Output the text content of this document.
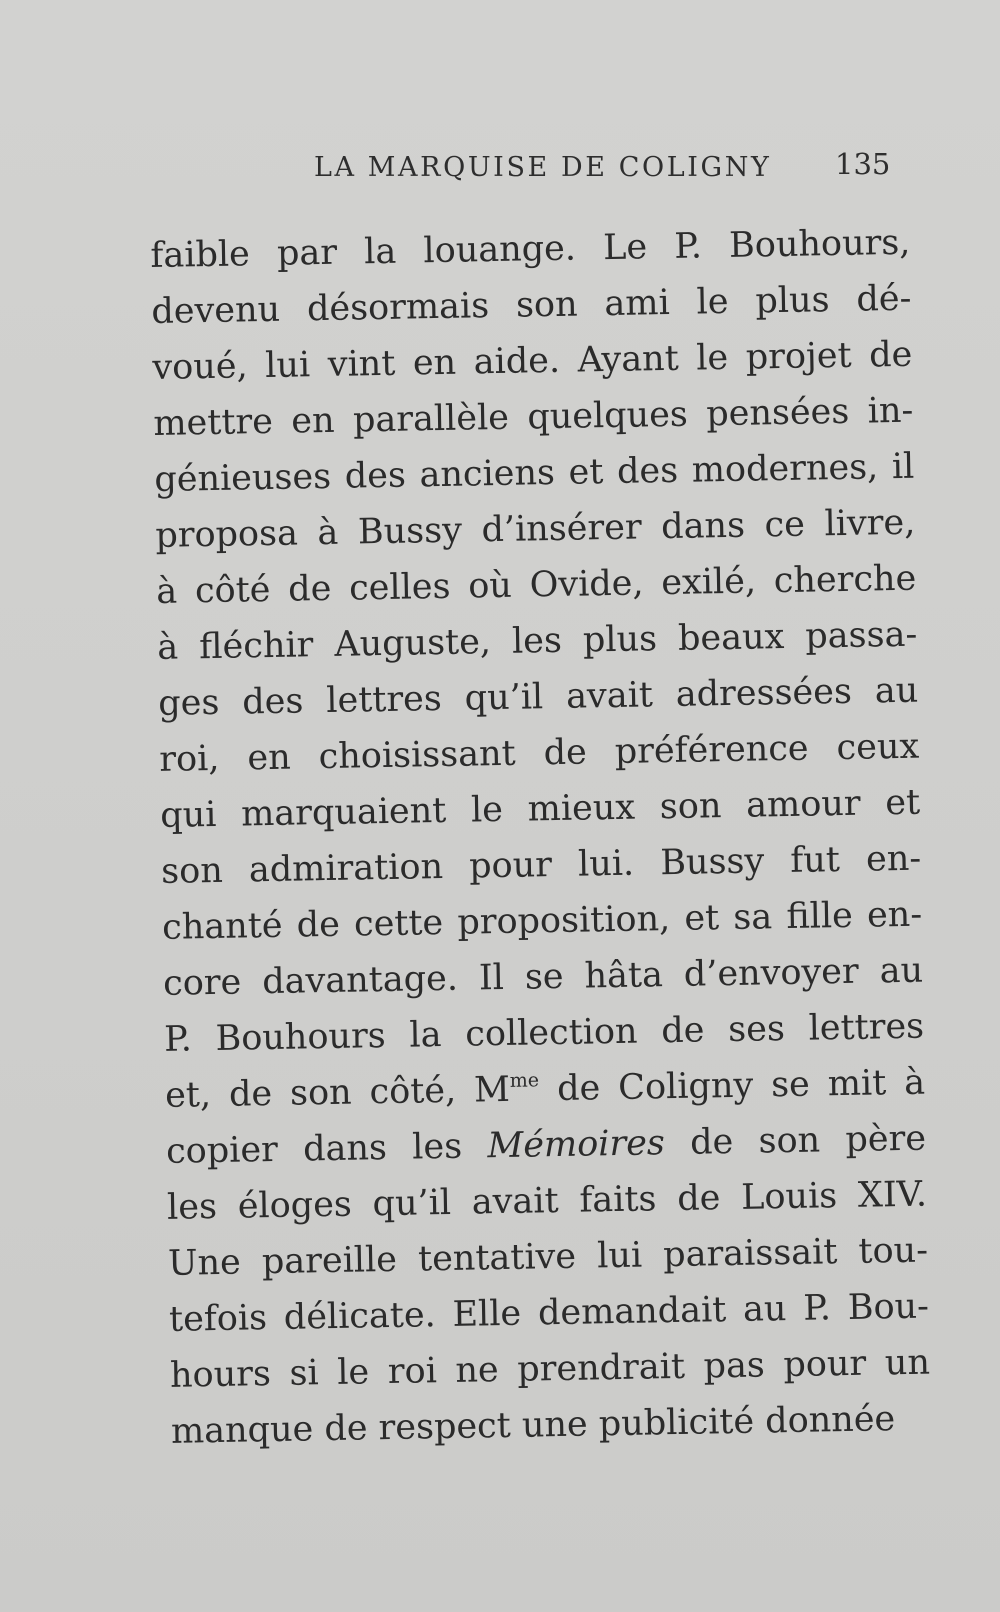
LA MARQUISE DE COLIGNY 135
faible par la louange. Le P. Bouhours,
devenu désormais son ami le plus dé-
voué, lui vint en aide. Ayant le projet de
mettre en parallèle quelques pensées in-
génieuses des anciens et des modernes, il
proposa à Bussy d’insérer dans ce livre,
à côté de celles où Ovide, exilé, cherche
à fléchir Auguste, les plus beaux passa-
ges des lettres qu’il avait adressées au
roi, en choisissant de préférence ceux
qui marquaient le mieux son amour et
son admiration pour lui. Bussy fut en-
chanté de cette proposition, et sa fille en-
core davantage. Il se hâta d’envoyer au
P. Bouhours la collection de ses lettres
et, de son côté, $M^{me}$ de Coligny se mit à
copier dans les Mémoires de son père
les éloges qu’il avait faits de Louis XIV.
Une pareille tentative lui paraissait tou-
tefois délicate. Elle demandait au P. Bou-
hours si le roi ne prendrait pas pour un
manque de respect une publicité donnée
